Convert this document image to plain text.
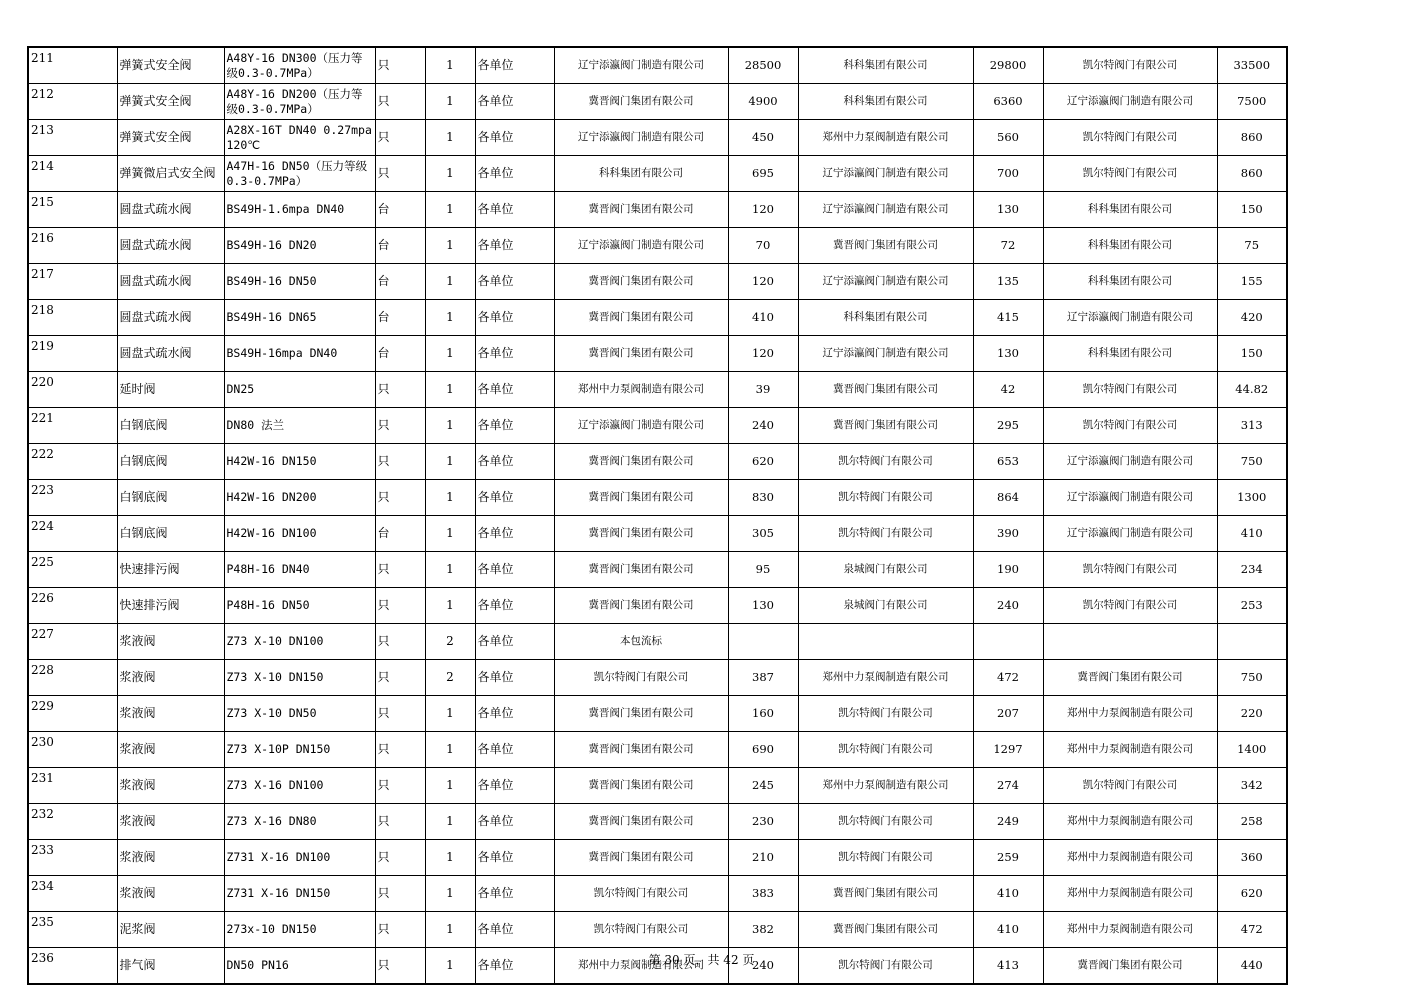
211	弹簧式安全阀	A48Y-16 DN300（压力等级0.3-0.7MPa）	只	1	各单位	辽宁添瀛阀门制造有限公司	28500	科科集团有限公司	29800	凯尔特阀门有限公司	33500
212	弹簧式安全阀	A48Y-16 DN200（压力等级0.3-0.7MPa）	只	1	各单位	冀晋阀门集团有限公司	4900	科科集团有限公司	6360	辽宁添瀛阀门制造有限公司	7500
213	弹簧式安全阀	A28X-16T DN40 0.27mpa 120℃	只	1	各单位	辽宁添瀛阀门制造有限公司	450	郑州中力泵阀制造有限公司	560	凯尔特阀门有限公司	860
214	弹簧微启式安全阀	A47H-16 DN50（压力等级0.3-0.7MPa）	只	1	各单位	科科集团有限公司	695	辽宁添瀛阀门制造有限公司	700	凯尔特阀门有限公司	860
215	圆盘式疏水阀	BS49H-1.6mpa DN40	台	1	各单位	冀晋阀门集团有限公司	120	辽宁添瀛阀门制造有限公司	130	科科集团有限公司	150
216	圆盘式疏水阀	BS49H-16 DN20	台	1	各单位	辽宁添瀛阀门制造有限公司	70	冀晋阀门集团有限公司	72	科科集团有限公司	75
217	圆盘式疏水阀	BS49H-16 DN50	台	1	各单位	冀晋阀门集团有限公司	120	辽宁添瀛阀门制造有限公司	135	科科集团有限公司	155
218	圆盘式疏水阀	BS49H-16 DN65	台	1	各单位	冀晋阀门集团有限公司	410	科科集团有限公司	415	辽宁添瀛阀门制造有限公司	420
219	圆盘式疏水阀	BS49H-16mpa DN40	台	1	各单位	冀晋阀门集团有限公司	120	辽宁添瀛阀门制造有限公司	130	科科集团有限公司	150
220	延时阀	DN25	只	1	各单位	郑州中力泵阀制造有限公司	39	冀晋阀门集团有限公司	42	凯尔特阀门有限公司	44.82
221	白钢底阀	DN80 法兰	只	1	各单位	辽宁添瀛阀门制造有限公司	240	冀晋阀门集团有限公司	295	凯尔特阀门有限公司	313
222	白钢底阀	H42W-16 DN150	只	1	各单位	冀晋阀门集团有限公司	620	凯尔特阀门有限公司	653	辽宁添瀛阀门制造有限公司	750
223	白钢底阀	H42W-16 DN200	只	1	各单位	冀晋阀门集团有限公司	830	凯尔特阀门有限公司	864	辽宁添瀛阀门制造有限公司	1300
224	白钢底阀	H42W-16 DN100	台	1	各单位	冀晋阀门集团有限公司	305	凯尔特阀门有限公司	390	辽宁添瀛阀门制造有限公司	410
225	快速排污阀	P48H-16 DN40	只	1	各单位	冀晋阀门集团有限公司	95	泉城阀门有限公司	190	凯尔特阀门有限公司	234
226	快速排污阀	P48H-16 DN50	只	1	各单位	冀晋阀门集团有限公司	130	泉城阀门有限公司	240	凯尔特阀门有限公司	253
227	浆液阀	Z73 X-10 DN100	只	2	各单位	本包流标					
228	浆液阀	Z73 X-10 DN150	只	2	各单位	凯尔特阀门有限公司	387	郑州中力泵阀制造有限公司	472	冀晋阀门集团有限公司	750
229	浆液阀	Z73 X-10 DN50	只	1	各单位	冀晋阀门集团有限公司	160	凯尔特阀门有限公司	207	郑州中力泵阀制造有限公司	220
230	浆液阀	Z73 X-10P DN150	只	1	各单位	冀晋阀门集团有限公司	690	凯尔特阀门有限公司	1297	郑州中力泵阀制造有限公司	1400
231	浆液阀	Z73 X-16 DN100	只	1	各单位	冀晋阀门集团有限公司	245	郑州中力泵阀制造有限公司	274	凯尔特阀门有限公司	342
232	浆液阀	Z73 X-16 DN80	只	1	各单位	冀晋阀门集团有限公司	230	凯尔特阀门有限公司	249	郑州中力泵阀制造有限公司	258
233	浆液阀	Z731 X-16 DN100	只	1	各单位	冀晋阀门集团有限公司	210	凯尔特阀门有限公司	259	郑州中力泵阀制造有限公司	360
234	浆液阀	Z731 X-16 DN150	只	1	各单位	凯尔特阀门有限公司	383	冀晋阀门集团有限公司	410	郑州中力泵阀制造有限公司	620
235	泥浆阀	273x-10 DN150	只	1	各单位	凯尔特阀门有限公司	382	冀晋阀门集团有限公司	410	郑州中力泵阀制造有限公司	472
236	排气阀	DN50 PN16	只	1	各单位	郑州中力泵阀制造有限公司	240	凯尔特阀门有限公司	413	冀晋阀门集团有限公司	440
第 30 页，共 42 页
